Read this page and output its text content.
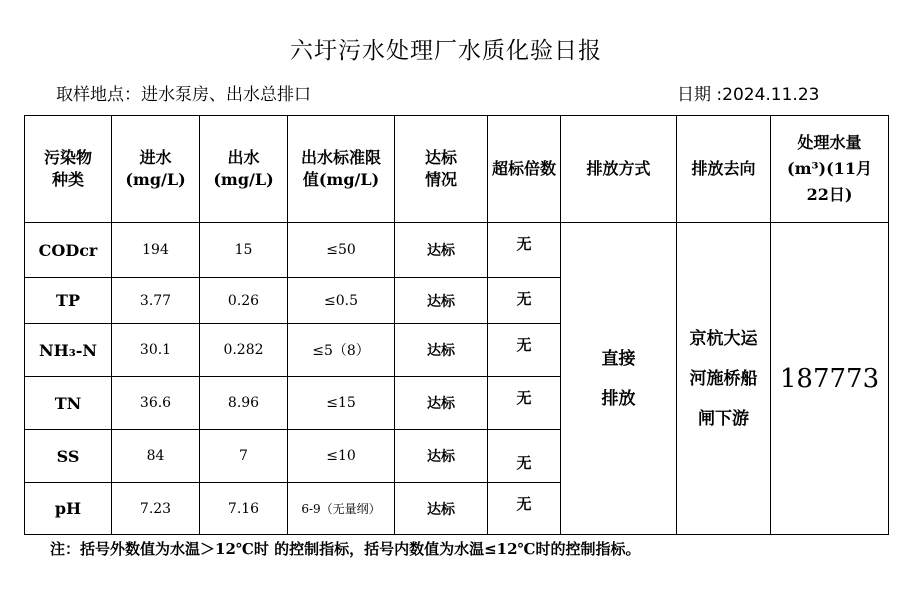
六圩污水处理厂水质化验日报
取样地点：进水泵房、出水总排口	日期 :2024.11.23
污染物种类	进水(mg/L)	出水(mg/L)	出水标准限值(mg/L)	达标情况	超标倍数	排放方式	排放去向	处理水量(m³)(11月22日)

CODcr	194	15	≤50	达标	无	直接排放	京杭大运河施桥船闸下游	187773
TP	3.77	0.26	≤0.5	达标	无			
NH₃-N	30.1	0.282	≤5（8）	达标	无			
TN	36.6	8.96	≤15	达标	无			
SS	84	7	≤10	达标	无			
pH	7.23	7.16	6-9（无量纲）	达标	无			
注：括号外数值为水温＞12℃时 的控制指标，括号内数值为水温≤12℃时的控制指标。
